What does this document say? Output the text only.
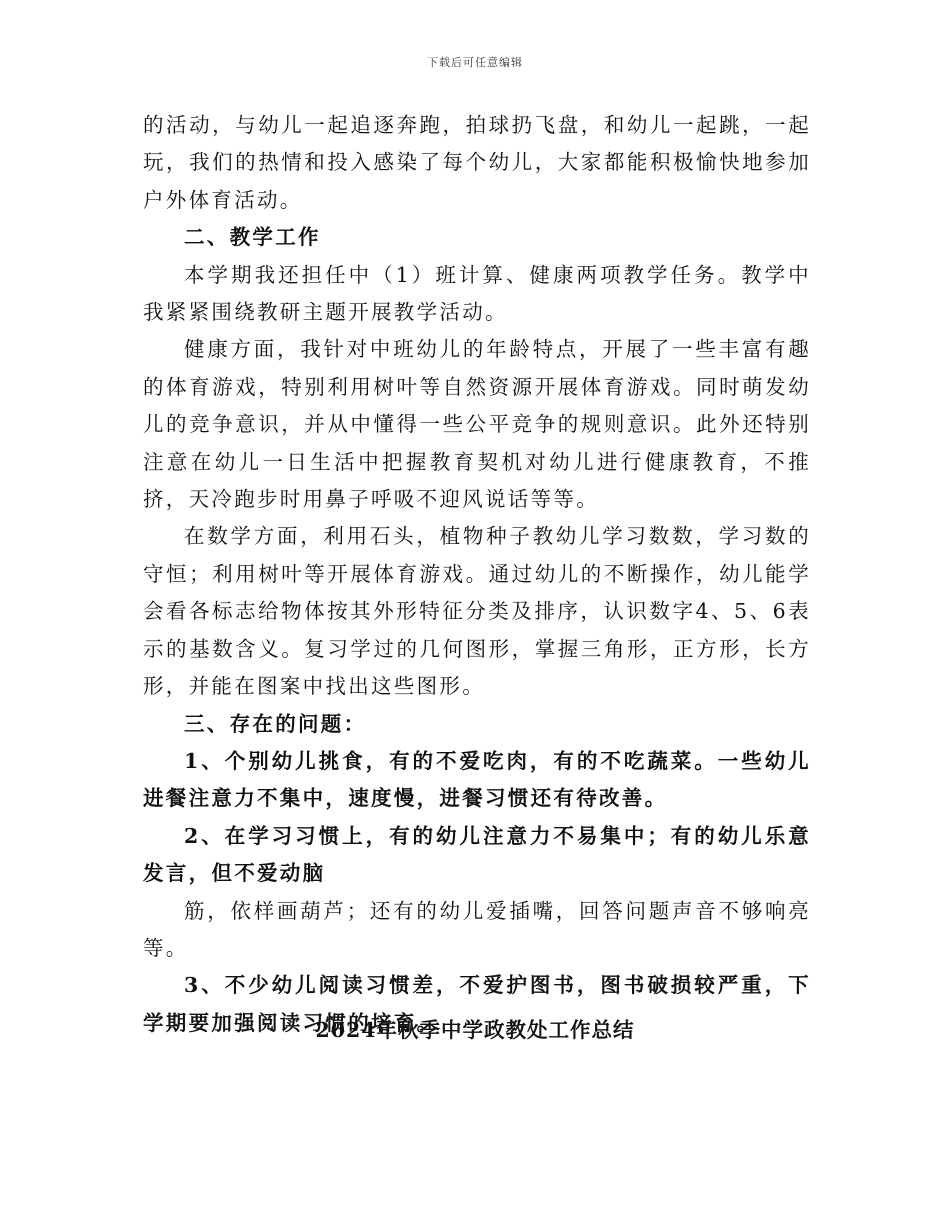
下载后可任意编辑

的活动，与幼儿一起追逐奔跑，拍球扔飞盘，和幼儿一起跳，一起玩，我们的热情和投入感染了每个幼儿，大家都能积极愉快地参加户外体育活动。

二、教学工作

本学期我还担任中（1）班计算、健康两项教学任务。教学中我紧紧围绕教研主题开展教学活动。

健康方面，我针对中班幼儿的年龄特点，开展了一些丰富有趣的体育游戏，特别利用树叶等自然资源开展体育游戏。同时萌发幼儿的竞争意识，并从中懂得一些公平竞争的规则意识。此外还特别注意在幼儿一日生活中把握教育契机对幼儿进行健康教育，不推挤，天冷跑步时用鼻子呼吸不迎风说话等等。

在数学方面，利用石头，植物种子教幼儿学习数数，学习数的守恒；利用树叶等开展体育游戏。通过幼儿的不断操作，幼儿能学会看各标志给物体按其外形特征分类及排序，认识数字4、5、6表示的基数含义。复习学过的几何图形，掌握三角形，正方形，长方形，并能在图案中找出这些图形。

三、存在的问题：

1、个别幼儿挑食，有的不爱吃肉，有的不吃蔬菜。一些幼儿进餐注意力不集中，速度慢，进餐习惯还有待改善。

2、在学习习惯上，有的幼儿注意力不易集中；有的幼儿乐意发言，但不爱动脑

筋，依样画葫芦；还有的幼儿爱插嘴，回答问题声音不够响亮等。

3、不少幼儿阅读习惯差，不爱护图书，图书破损较严重，下学期要加强阅读习惯的培育。

2024年秋季中学政教处工作总结
